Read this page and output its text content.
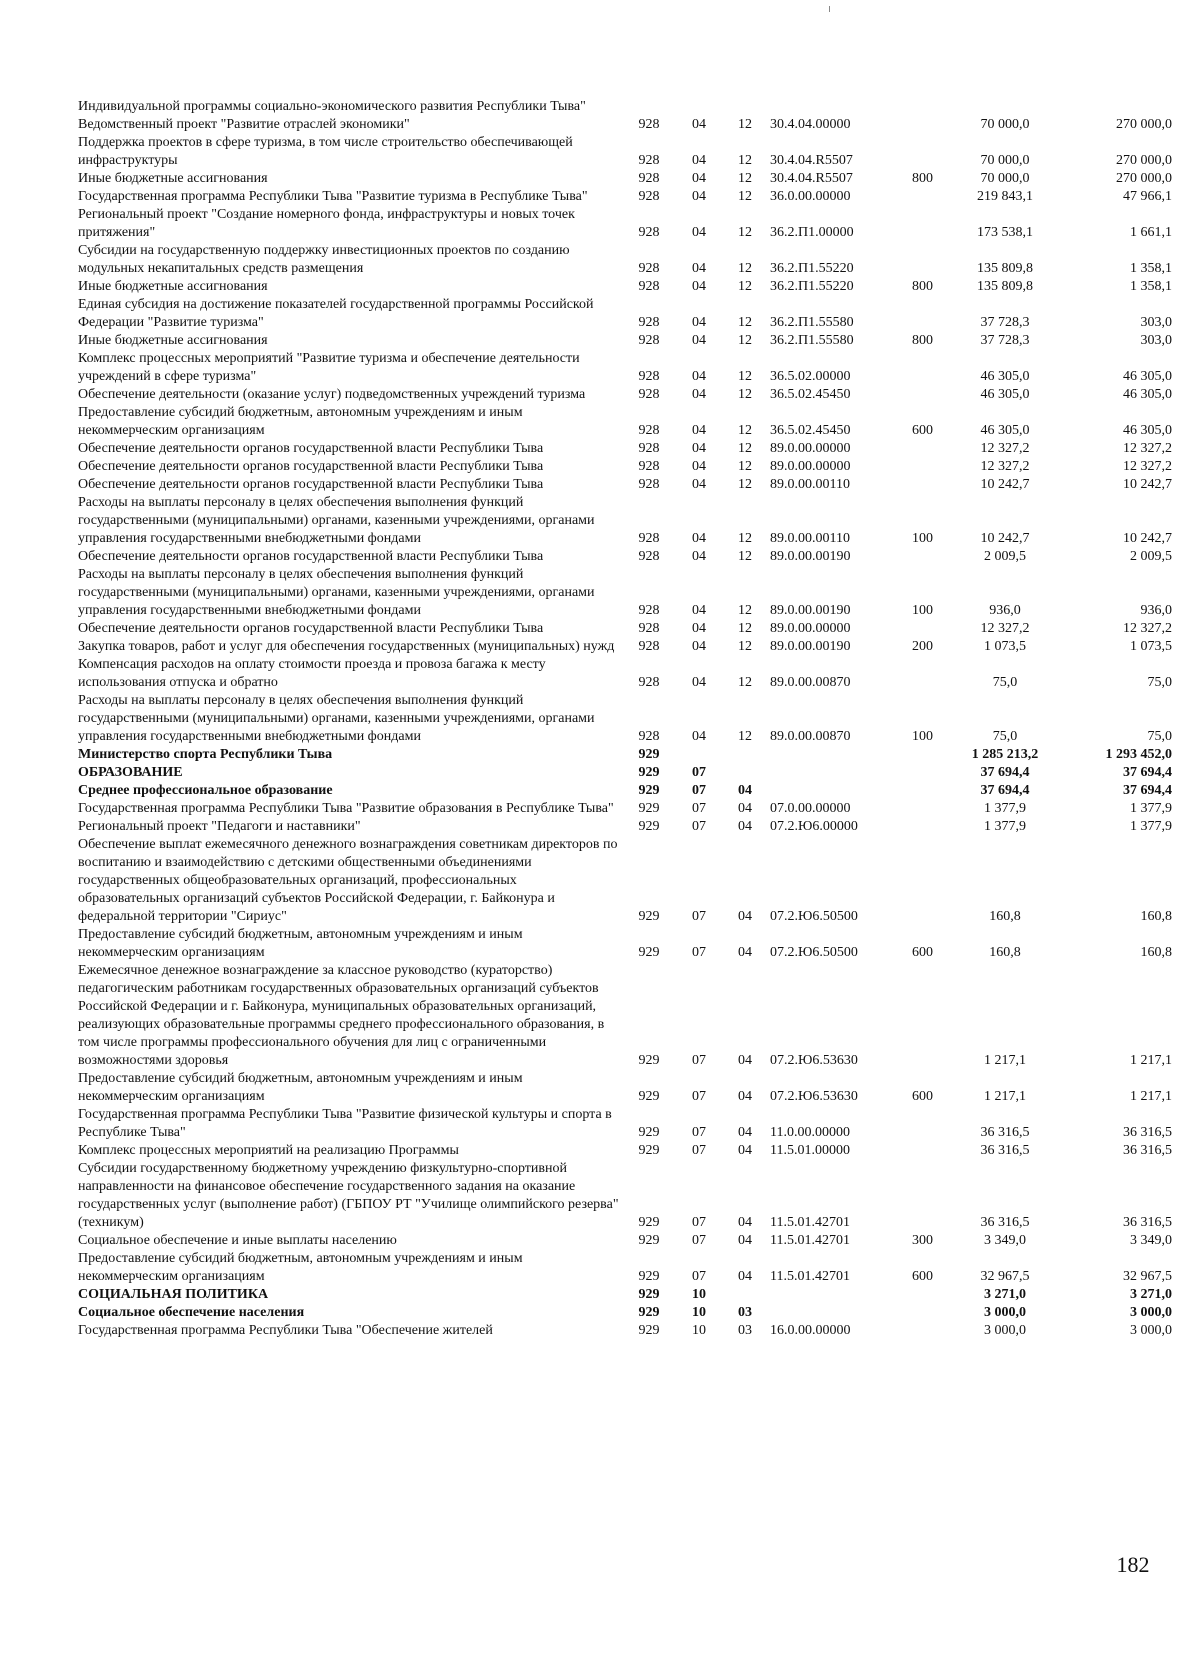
Индивидуальной программы социально-экономического развития Республики Тыва"							
Ведомственный проект "Развитие отраслей экономики"	928	04	12	30.4.04.00000		70 000,0	270 000,0
Поддержка проектов в сфере туризма, в том числе строительство обеспечивающей инфраструктуры	928	04	12	30.4.04.R5507		70 000,0	270 000,0
Иные бюджетные ассигнования	928	04	12	30.4.04.R5507	800	70 000,0	270 000,0
Государственная программа Республики Тыва "Развитие туризма в Республике Тыва"	928	04	12	36.0.00.00000		219 843,1	47 966,1
Региональный проект "Создание номерного фонда, инфраструктуры и новых точек притяжения"	928	04	12	36.2.П1.00000		173 538,1	1 661,1
Субсидии на государственную поддержку инвестиционных проектов по созданию модульных некапитальных средств размещения	928	04	12	36.2.П1.55220		135 809,8	1 358,1
Иные бюджетные ассигнования	928	04	12	36.2.П1.55220	800	135 809,8	1 358,1
Единая субсидия на достижение показателей государственной программы Российской Федерации "Развитие туризма"	928	04	12	36.2.П1.55580		37 728,3	303,0
Иные бюджетные ассигнования	928	04	12	36.2.П1.55580	800	37 728,3	303,0
Комплекс процессных мероприятий "Развитие туризма и обеспечение деятельности учреждений в сфере туризма"	928	04	12	36.5.02.00000		46 305,0	46 305,0
Обеспечение деятельности (оказание услуг) подведомственных учреждений туризма	928	04	12	36.5.02.45450		46 305,0	46 305,0
Предоставление субсидий бюджетным, автономным учреждениям и иным некоммерческим организациям	928	04	12	36.5.02.45450	600	46 305,0	46 305,0
Обеспечение деятельности органов государственной власти Республики Тыва	928	04	12	89.0.00.00000		12 327,2	12 327,2
Обеспечение деятельности органов государственной власти Республики Тыва	928	04	12	89.0.00.00000		12 327,2	12 327,2
Обеспечение деятельности органов государственной власти Республики Тыва	928	04	12	89.0.00.00110		10 242,7	10 242,7
Расходы на выплаты персоналу в целях обеспечения выполнения функций государственными (муниципальными) органами, казенными учреждениями, органами управления государственными внебюджетными фондами	928	04	12	89.0.00.00110	100	10 242,7	10 242,7
Обеспечение деятельности органов государственной власти Республики Тыва	928	04	12	89.0.00.00190		2 009,5	2 009,5
Расходы на выплаты персоналу в целях обеспечения выполнения функций государственными (муниципальными) органами, казенными учреждениями, органами управления государственными внебюджетными фондами	928	04	12	89.0.00.00190	100	936,0	936,0
Обеспечение деятельности органов государственной власти Республики Тыва	928	04	12	89.0.00.00000		12 327,2	12 327,2
Закупка товаров, работ и услуг для обеспечения государственных (муниципальных) нужд	928	04	12	89.0.00.00190	200	1 073,5	1 073,5
Компенсация расходов на оплату стоимости проезда и провоза багажа к месту использования отпуска и обратно	928	04	12	89.0.00.00870		75,0	75,0
Расходы на выплаты персоналу в целях обеспечения выполнения функций государственными (муниципальными) органами, казенными учреждениями, органами управления государственными внебюджетными фондами	928	04	12	89.0.00.00870	100	75,0	75,0
Министерство спорта Республики Тыва	929					1 285 213,2	1 293 452,0
ОБРАЗОВАНИЕ	929	07				37 694,4	37 694,4
Среднее профессиональное образование	929	07	04			37 694,4	37 694,4
Государственная программа Республики Тыва "Развитие образования в Республике Тыва"	929	07	04	07.0.00.00000		1 377,9	1 377,9
Региональный проект "Педагоги и наставники"	929	07	04	07.2.Ю6.00000		1 377,9	1 377,9
Обеспечение выплат ежемесячного денежного вознаграждения советникам директоров по воспитанию и взаимодействию с детскими общественными объединениями государственных общеобразовательных организаций, профессиональных образовательных организаций субъектов Российской Федерации, г. Байконура и федеральной территории "Сириус"	929	07	04	07.2.Ю6.50500		160,8	160,8
Предоставление субсидий бюджетным, автономным учреждениям и иным некоммерческим организациям	929	07	04	07.2.Ю6.50500	600	160,8	160,8
Ежемесячное денежное вознаграждение за классное руководство (кураторство) педагогическим работникам государственных образовательных организаций субъектов Российской Федерации и г. Байконура, муниципальных образовательных организаций, реализующих образовательные программы среднего профессионального образования, в том числе программы профессионального обучения для лиц с ограниченными возможностями здоровья	929	07	04	07.2.Ю6.53630		1 217,1	1 217,1
Предоставление субсидий бюджетным, автономным учреждениям и иным некоммерческим организациям	929	07	04	07.2.Ю6.53630	600	1 217,1	1 217,1
Государственная программа Республики Тыва "Развитие физической культуры и спорта в Республике Тыва"	929	07	04	11.0.00.00000		36 316,5	36 316,5
Комплекс процессных мероприятий на реализацию Программы	929	07	04	11.5.01.00000		36 316,5	36 316,5
Субсидии государственному бюджетному учреждению физкультурно-спортивной направленности на финансовое обеспечение государственного задания на оказание государственных услуг (выполнение работ) (ГБПОУ РТ "Училище олимпийского резерва" (техникум)	929	07	04	11.5.01.42701		36 316,5	36 316,5
Социальное обеспечение и иные выплаты населению	929	07	04	11.5.01.42701	300	3 349,0	3 349,0
Предоставление субсидий бюджетным, автономным учреждениям и иным некоммерческим организациям	929	07	04	11.5.01.42701	600	32 967,5	32 967,5
СОЦИАЛЬНАЯ ПОЛИТИКА	929	10				3 271,0	3 271,0
Социальное обеспечение населения	929	10	03			3 000,0	3 000,0
Государственная программа Республики Тыва "Обеспечение жителей	929	10	03	16.0.00.00000		3 000,0	3 000,0
182
